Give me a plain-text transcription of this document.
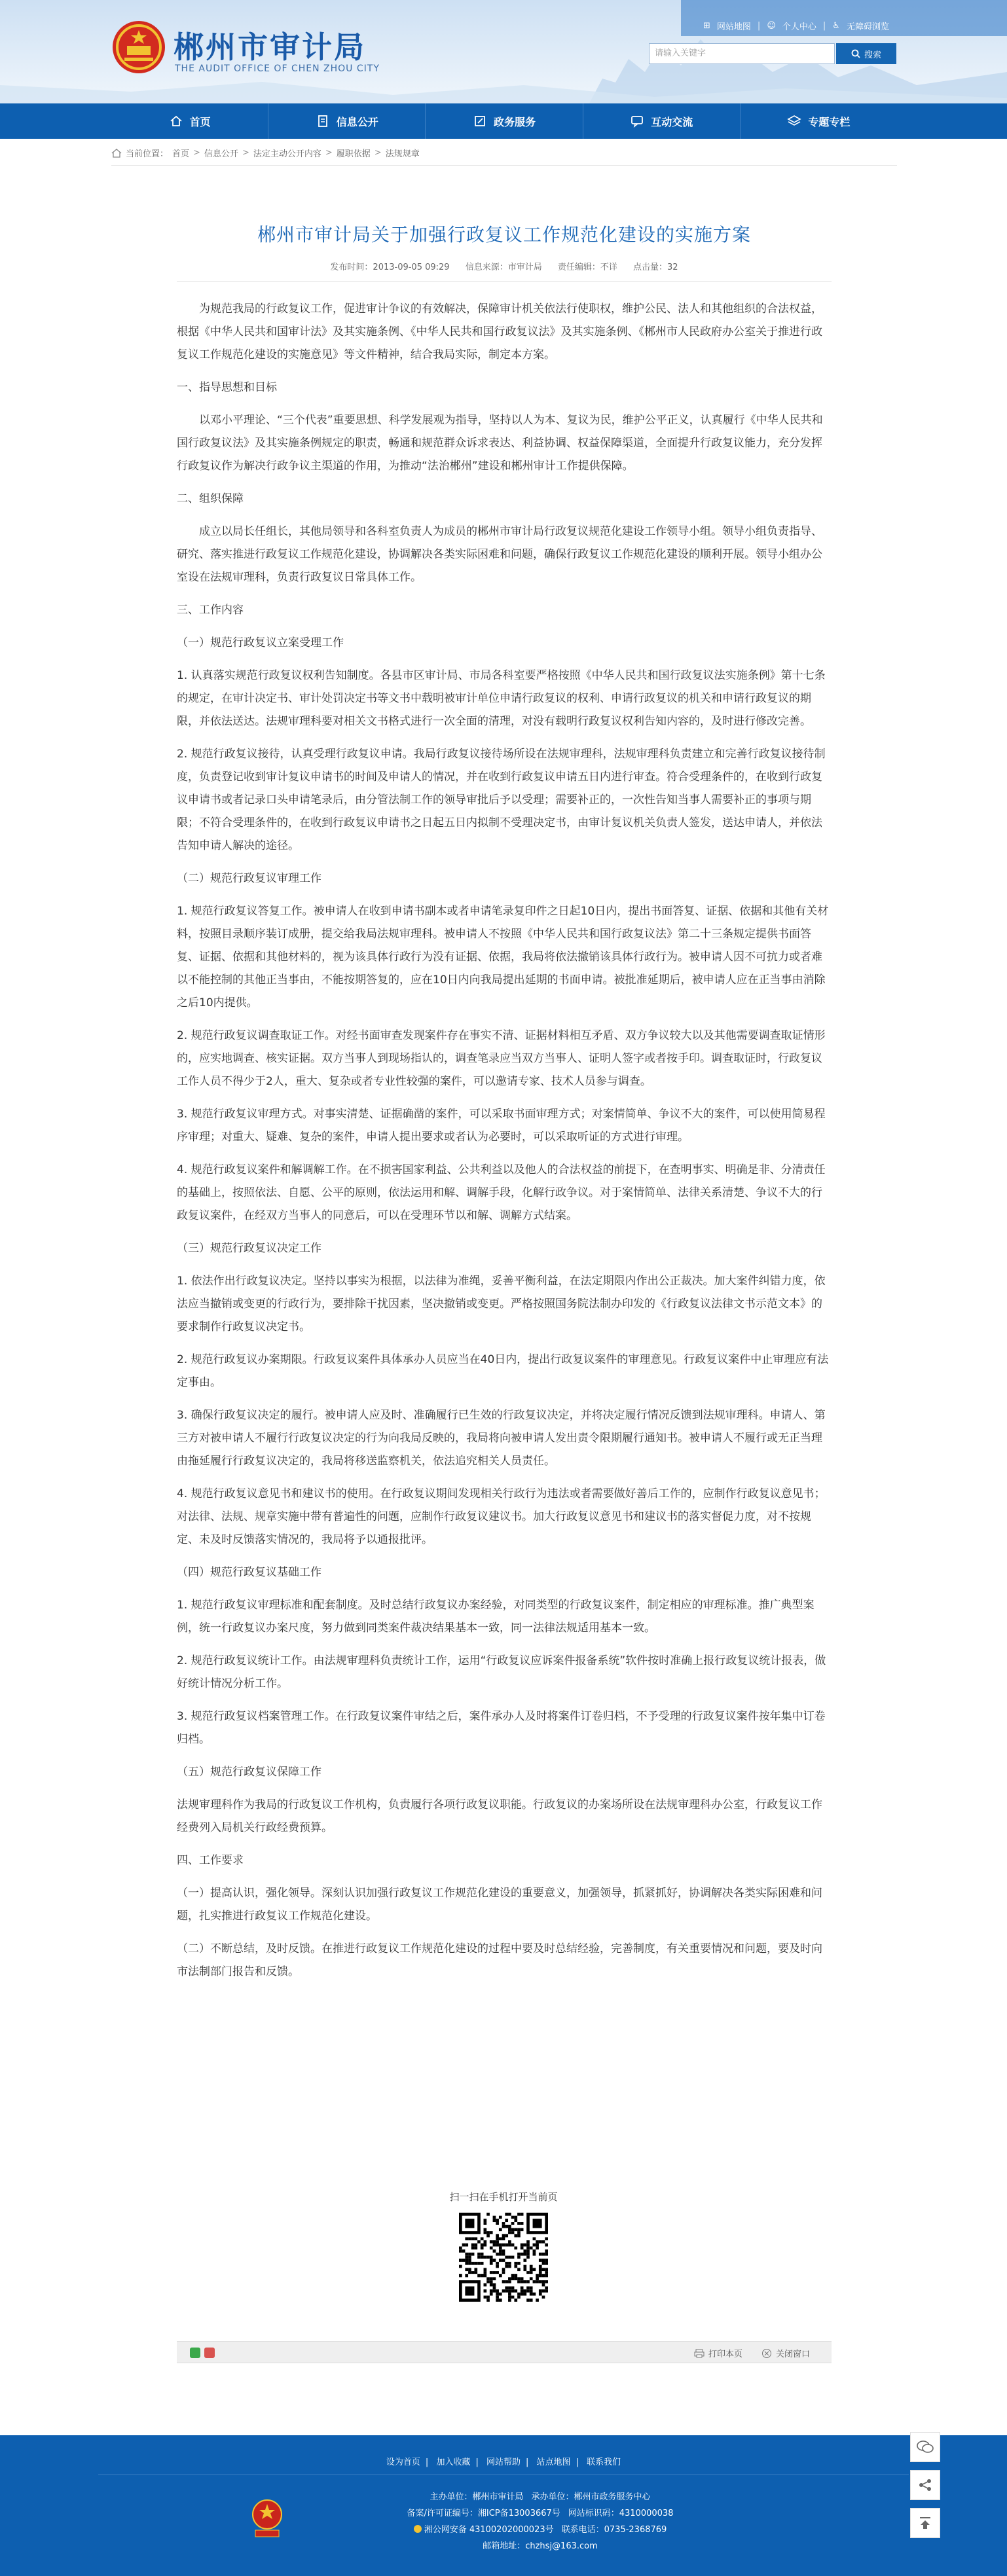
郴州市审计局
THE AUDIT OFFICE OF CHEN ZHOU CITY
⊞ 网站地图 | ☺ 个人中心 | ♿ 无障碍浏览
请输入关键字	搜索
首页	信息公开	政务服务	互动交流	专题专栏
当前位置： 首页 > 信息公开 > 法定主动公开内容 > 履职依据 > 法规规章
郴州市审计局关于加强行政复议工作规范化建设的实施方案
发布时间：2013-09-05 09:29 信息来源：市审计局 责任编辑：不详 点击量：32

为规范我局的行政复议工作，促进审计争议的有效解决，保障审计机关依法行使职权，维护公民、法人和其他组织的合法权益，根据《中华人民共和国审计法》及其实施条例、《中华人民共和国行政复议法》及其实施条例、《郴州市人民政府办公室关于推进行政复议工作规范化建设的实施意见》等文件精神，结合我局实际，制定本方案。

一、指导思想和目标

以邓小平理论、“三个代表”重要思想、科学发展观为指导，坚持以人为本、复议为民，维护公平正义，认真履行《中华人民共和国行政复议法》及其实施条例规定的职责，畅通和规范群众诉求表达、利益协调、权益保障渠道，全面提升行政复议能力，充分发挥行政复议作为解决行政争议主渠道的作用，为推动“法治郴州”建设和郴州审计工作提供保障。

二、组织保障

成立以局长任组长，其他局领导和各科室负责人为成员的郴州市审计局行政复议规范化建设工作领导小组。领导小组负责指导、研究、落实推进行政复议工作规范化建设，协调解决各类实际困难和问题，确保行政复议工作规范化建设的顺利开展。领导小组办公室设在法规审理科，负责行政复议日常具体工作。

三、工作内容

（一）规范行政复议立案受理工作

1. 认真落实规范行政复议权利告知制度。各县市区审计局、市局各科室要严格按照《中华人民共和国行政复议法实施条例》第十七条的规定，在审计决定书、审计处罚决定书等文书中载明被审计单位申请行政复议的权利、申请行政复议的机关和申请行政复议的期限，并依法送达。法规审理科要对相关文书格式进行一次全面的清理，对没有载明行政复议权利告知内容的，及时进行修改完善。

2. 规范行政复议接待，认真受理行政复议申请。我局行政复议接待场所设在法规审理科，法规审理科负责建立和完善行政复议接待制度，负责登记收到审计复议申请书的时间及申请人的情况，并在收到行政复议申请五日内进行审查。符合受理条件的，在收到行政复议申请书或者记录口头申请笔录后，由分管法制工作的领导审批后予以受理；需要补正的，一次性告知当事人需要补正的事项与期限；不符合受理条件的，在收到行政复议申请书之日起五日内拟制不受理决定书，由审计复议机关负责人签发，送达申请人，并依法告知申请人解决的途径。

（二）规范行政复议审理工作

1. 规范行政复议答复工作。被申请人在收到申请书副本或者申请笔录复印件之日起10日内，提出书面答复、证据、依据和其他有关材料，按照目录顺序装订成册，提交给我局法规审理科。被申请人不按照《中华人民共和国行政复议法》第二十三条规定提供书面答复、证据、依据和其他材料的，视为该具体行政行为没有证据、依据，我局将依法撤销该具体行政行为。被申请人因不可抗力或者难以不能控制的其他正当事由，不能按期答复的，应在10日内向我局提出延期的书面申请。被批准延期后，被申请人应在正当事由消除之后10内提供。

2. 规范行政复议调查取证工作。对经书面审查发现案件存在事实不清、证据材料相互矛盾、双方争议较大以及其他需要调查取证情形的，应实地调查、核实证据。双方当事人到现场指认的，调查笔录应当双方当事人、证明人签字或者按手印。调查取证时，行政复议工作人员不得少于2人，重大、复杂或者专业性较强的案件，可以邀请专家、技术人员参与调查。

3. 规范行政复议审理方式。对事实清楚、证据确凿的案件，可以采取书面审理方式；对案情简单、争议不大的案件，可以使用简易程序审理；对重大、疑难、复杂的案件，申请人提出要求或者认为必要时，可以采取听证的方式进行审理。

4. 规范行政复议案件和解调解工作。在不损害国家利益、公共利益以及他人的合法权益的前提下，在查明事实、明确是非、分清责任的基础上，按照依法、自愿、公平的原则，依法运用和解、调解手段，化解行政争议。对于案情简单、法律关系清楚、争议不大的行政复议案件，在经双方当事人的同意后，可以在受理环节以和解、调解方式结案。

（三）规范行政复议决定工作

1. 依法作出行政复议决定。坚持以事实为根据，以法律为准绳，妥善平衡利益，在法定期限内作出公正裁决。加大案件纠错力度，依法应当撤销或变更的行政行为，要排除干扰因素，坚决撤销或变更。严格按照国务院法制办印发的《行政复议法律文书示范文本》的要求制作行政复议决定书。

2. 规范行政复议办案期限。行政复议案件具体承办人员应当在40日内，提出行政复议案件的审理意见。行政复议案件中止审理应有法定事由。

3. 确保行政复议决定的履行。被申请人应及时、准确履行已生效的行政复议决定，并将决定履行情况反馈到法规审理科。申请人、第三方对被申请人不履行行政复议决定的行为向我局反映的，我局将向被申请人发出责令限期履行通知书。被申请人不履行或无正当理由拖延履行行政复议决定的，我局将移送监察机关，依法追究相关人员责任。

4. 规范行政复议意见书和建议书的使用。在行政复议期间发现相关行政行为违法或者需要做好善后工作的，应制作行政复议意见书；对法律、法规、规章实施中带有普遍性的问题，应制作行政复议建议书。加大行政复议意见书和建议书的落实督促力度，对不按规定、未及时反馈落实情况的，我局将予以通报批评。

（四）规范行政复议基础工作

1. 规范行政复议审理标准和配套制度。及时总结行政复议办案经验，对同类型的行政复议案件，制定相应的审理标准。推广典型案例，统一行政复议办案尺度，努力做到同类案件裁决结果基本一致，同一法律法规适用基本一致。

2. 规范行政复议统计工作。由法规审理科负责统计工作，运用“行政复议应诉案件报备系统”软件按时准确上报行政复议统计报表，做好统计情况分析工作。

3. 规范行政复议档案管理工作。在行政复议案件审结之后，案件承办人及时将案件订卷归档，不予受理的行政复议案件按年集中订卷归档。

（五）规范行政复议保障工作

法规审理科作为我局的行政复议工作机构，负责履行各项行政复议职能。行政复议的办案场所设在法规审理科办公室，行政复议工作经费列入局机关行政经费预算。

四、工作要求

（一）提高认识，强化领导。深刻认识加强行政复议工作规范化建设的重要意义，加强领导，抓紧抓好，协调解决各类实际困难和问题，扎实推进行政复议工作规范化建设。

（二）不断总结，及时反馈。在推进行政复议工作规范化建设的过程中要及时总结经验，完善制度，有关重要情况和问题，要及时向市法制部门报告和反馈。

扫一扫在手机打开当前页
打印本页	关闭窗口
设为首页 | 加入收藏 | 网站帮助 | 站点地图 | 联系我们
主办单位：郴州市审计局 承办单位：郴州市政务服务中心
备案/许可证编号：湘ICP备13003667号 网站标识码：4310000038
湘公网安备 43100202000023号 联系电话：0735-2368769
邮箱地址：chzhsj@163.com
